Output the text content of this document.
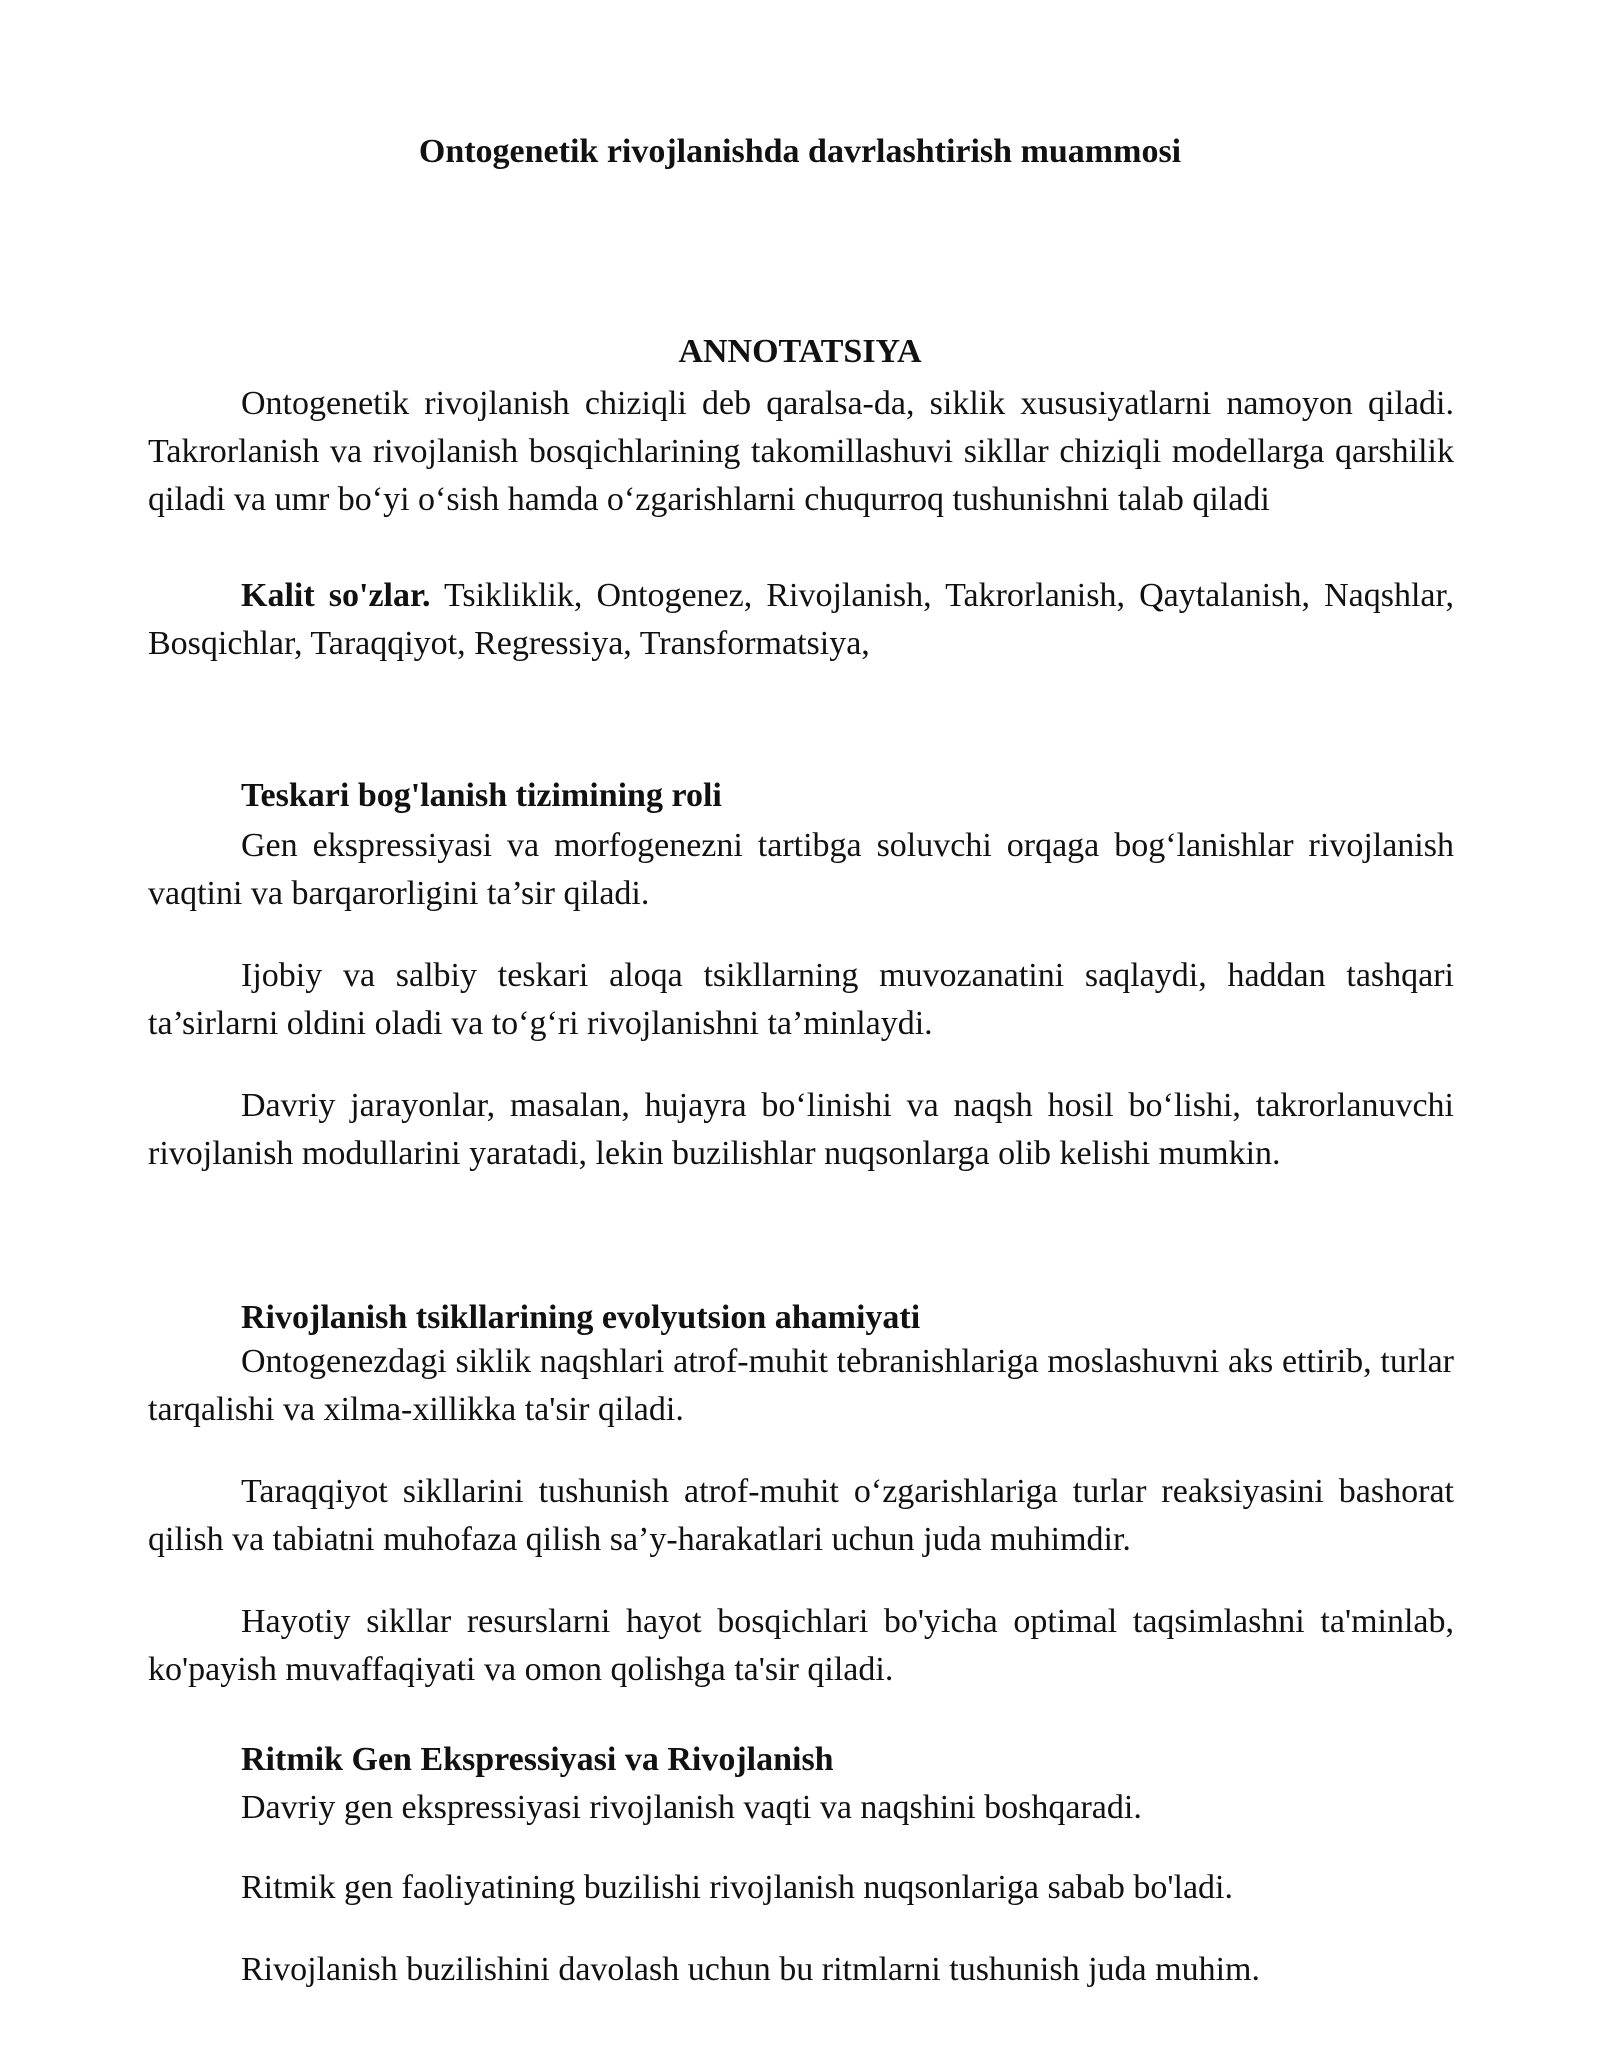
Ontogenetik rivojlanishda davrlashtirish muammosi
ANNOTATSIYA
Ontogenetik rivojlanish chiziqli deb qaralsa-da, siklik xususiyatlarni namoyon qiladi. Takrorlanish va rivojlanish bosqichlarining takomillashuvi sikllar chiziqli modellarga qarshilik qiladi va umr bo‘yi o‘sish hamda o‘zgarishlarni chuqurroq tushunishni talab qiladi
Kalit so'zlar. Tsikliklik, Ontogenez, Rivojlanish, Takrorlanish, Qaytalanish, Naqshlar, Bosqichlar, Taraqqiyot, Regressiya, Transformatsiya,
Teskari bog'lanish tizimining roli
Gen ekspressiyasi va morfogenezni tartibga soluvchi orqaga bog‘lanishlar rivojlanish vaqtini va barqarorligini ta’sir qiladi.
Ijobiy va salbiy teskari aloqa tsikllarning muvozanatini saqlaydi, haddan tashqari ta’sirlarni oldini oladi va to‘g‘ri rivojlanishni ta’minlaydi.
Davriy jarayonlar, masalan, hujayra bo‘linishi va naqsh hosil bo‘lishi, takrorlanuvchi rivojlanish modullarini yaratadi, lekin buzilishlar nuqsonlarga olib kelishi mumkin.
Rivojlanish tsikllarining evolyutsion ahamiyati
Ontogenezdagi siklik naqshlari atrof-muhit tebranishlariga moslashuvni aks ettirib, turlar tarqalishi va xilma-xillikka ta'sir qiladi.
Taraqqiyot sikllarini tushunish atrof-muhit o‘zgarishlariga turlar reaksiyasini bashorat qilish va tabiatni muhofaza qilish sa’y-harakatlari uchun juda muhimdir.
Hayotiy sikllar resurslarni hayot bosqichlari bo'yicha optimal taqsimlashni ta'minlab, ko'payish muvaffaqiyati va omon qolishga ta'sir qiladi.
Ritmik Gen Ekspressiyasi va Rivojlanish
Davriy gen ekspressiyasi rivojlanish vaqti va naqshini boshqaradi.
Ritmik gen faoliyatining buzilishi rivojlanish nuqsonlariga sabab bo'ladi.
Rivojlanish buzilishini davolash uchun bu ritmlarni tushunish juda muhim.
